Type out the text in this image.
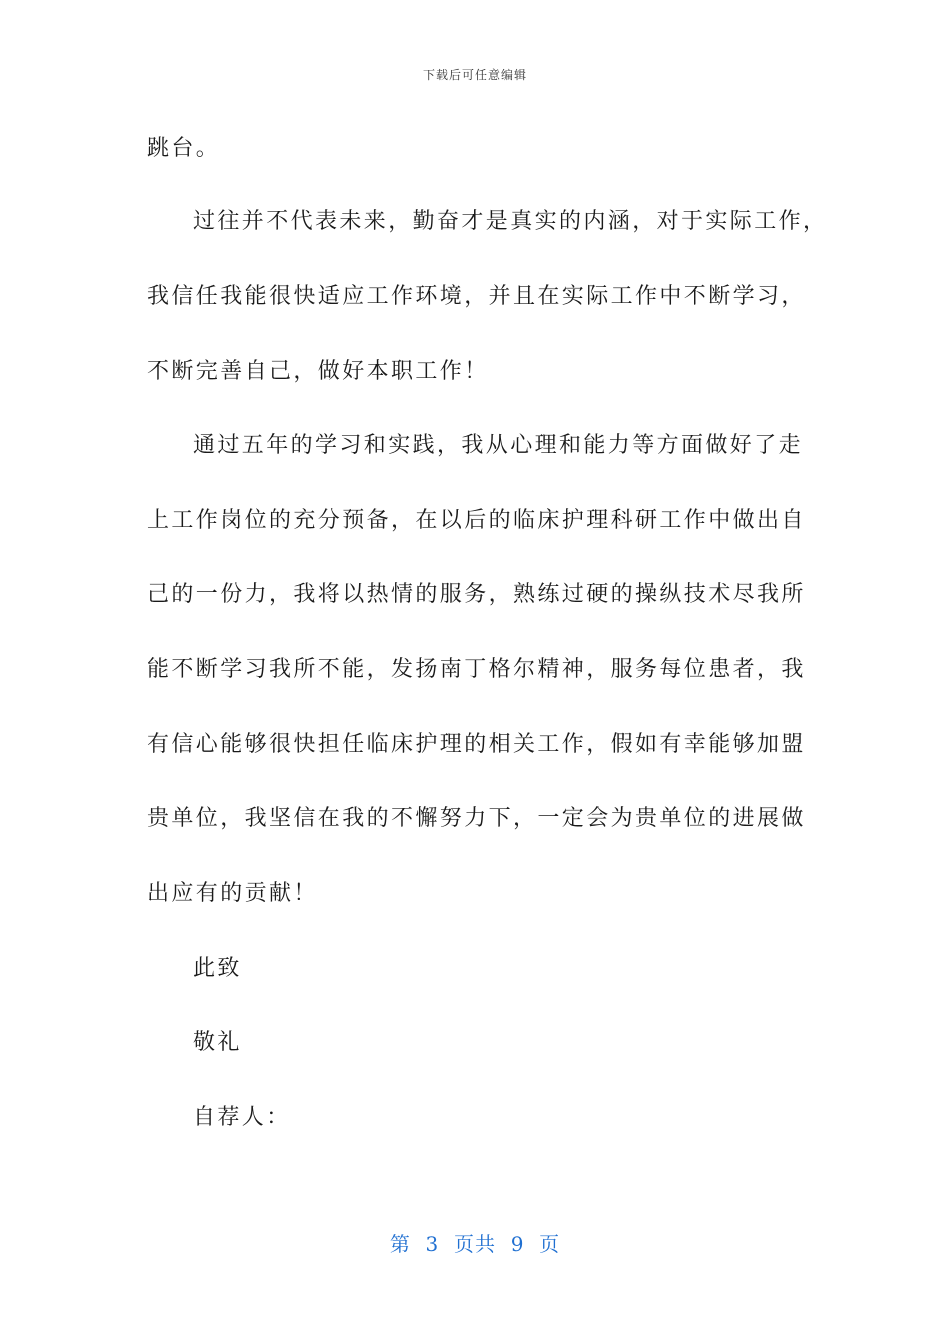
下载后可任意编辑
跳台。
过往并不代表未来，勤奋才是真实的内涵，对于实际工作，
我信任我能很快适应工作环境，并且在实际工作中不断学习，
不断完善自己，做好本职工作！
通过五年的学习和实践，我从心理和能力等方面做好了走
上工作岗位的充分预备，在以后的临床护理科研工作中做出自
己的一份力，我将以热情的服务，熟练过硬的操纵技术尽我所
能不断学习我所不能，发扬南丁格尔精神，服务每位患者，我
有信心能够很快担任临床护理的相关工作，假如有幸能够加盟
贵单位，我坚信在我的不懈努力下，一定会为贵单位的进展做
出应有的贡献！
此致
敬礼
自荐人：
第  3  页共  9  页
